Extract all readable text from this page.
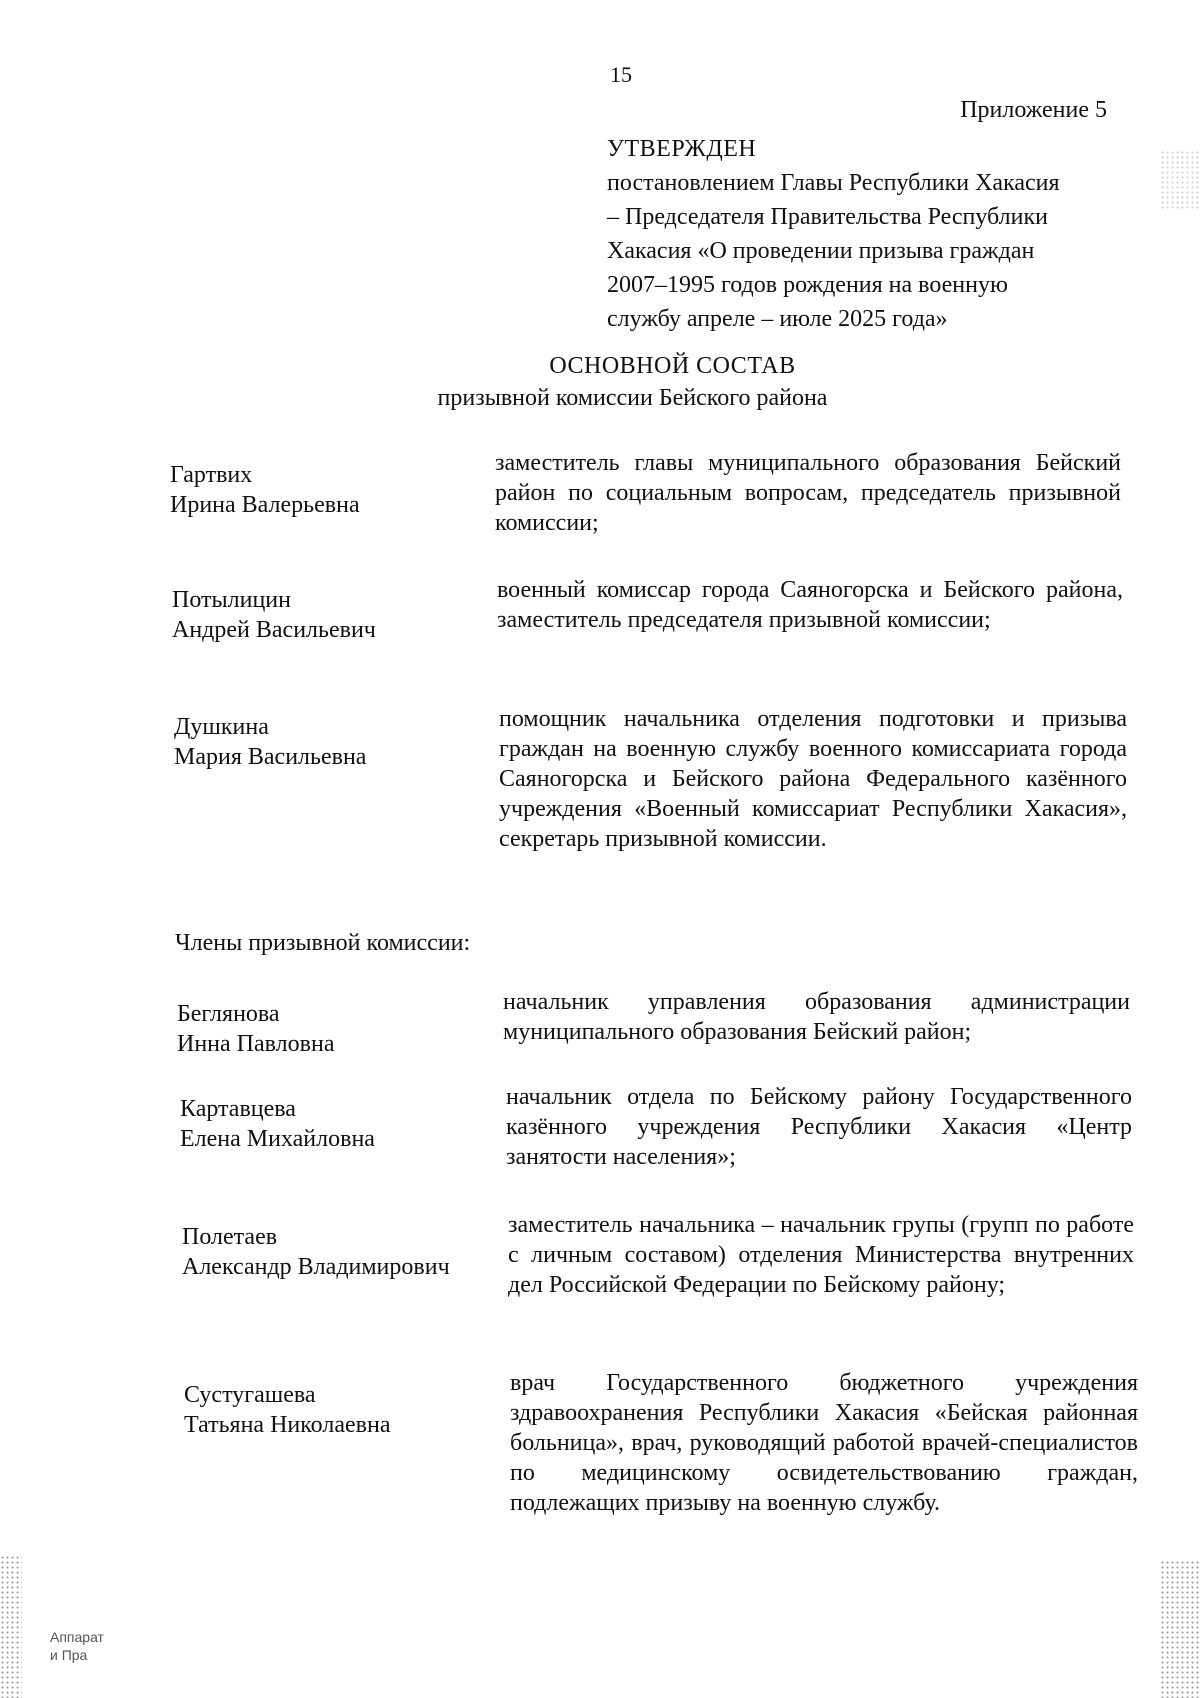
15
Приложение 5
УТВЕРЖДЕН
постановлением Главы Республики Хакасия
– Председателя Правительства Республики
Хакасия «О проведении призыва граждан
2007–1995 годов рождения на военную
службу апреле – июле 2025 года»
ОСНОВНОЙ СОСТАВ
призывной комиссии Бейского района
Гартвих
Ирина Валерьевна
заместитель главы муниципального образования Бейский район по социальным вопросам, председатель призывной комиссии;
Потылицин
Андрей Васильевич
военный комиссар города Саяногорска и Бейского района, заместитель председателя призывной комиссии;
Душкина
Мария Васильевна
помощник начальника отделения подготовки и призыва граждан на военную службу военного комиссариата города Саяногорска и Бейского района Федерального казённого учреждения «Военный комиссариат Республики Хакасия», секретарь призывной комиссии.
Члены призывной комиссии:
Беглянова
Инна Павловна
начальник управления образования администрации муниципального образования Бейский район;
Картавцева
Елена Михайловна
начальник отдела по Бейскому району Государственного казённого учреждения Республики Хакасия «Центр занятости населения»;
Полетаев
Александр Владимирович
заместитель начальника – начальник групы (групп по работе с личным составом) отделения Министерства внутренних дел Российской Федерации по Бейскому району;
Сустугашева
Татьяна Николаевна
врач Государственного бюджетного учреждения здравоохранения Республики Хакасия «Бейская районная больница», врач, руководящий работой врачей-специалистов по медицинскому освидетельствованию граждан, подлежащих призыву на военную службу.
Аппарат
и Пра
